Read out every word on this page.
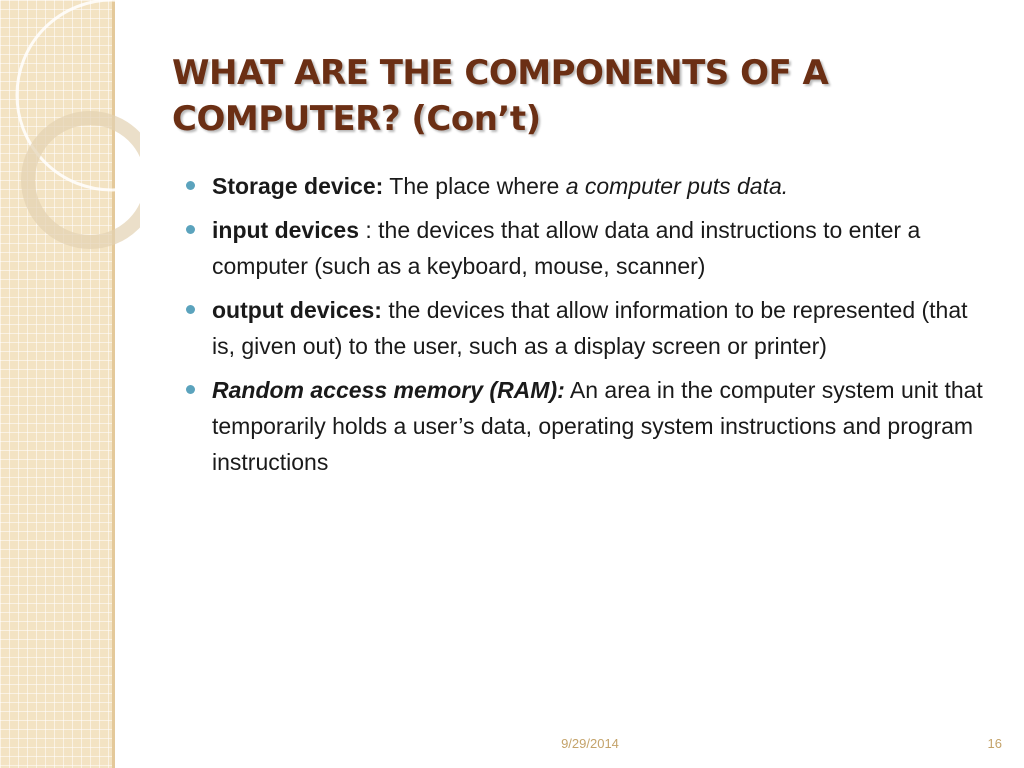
WHAT ARE THE COMPONENTS OF A
COMPUTER? (Con’t)
Storage device: The place where a computer puts data.
input devices : the devices that allow data and instructions to enter a computer (such as a keyboard, mouse, scanner)
output devices: the devices that allow information to be represented (that is, given out) to the user, such as a display screen or printer)
Random access memory (RAM): An area in the computer system unit that temporarily holds a user’s data, operating system instructions and program instructions
9/29/2014	16
